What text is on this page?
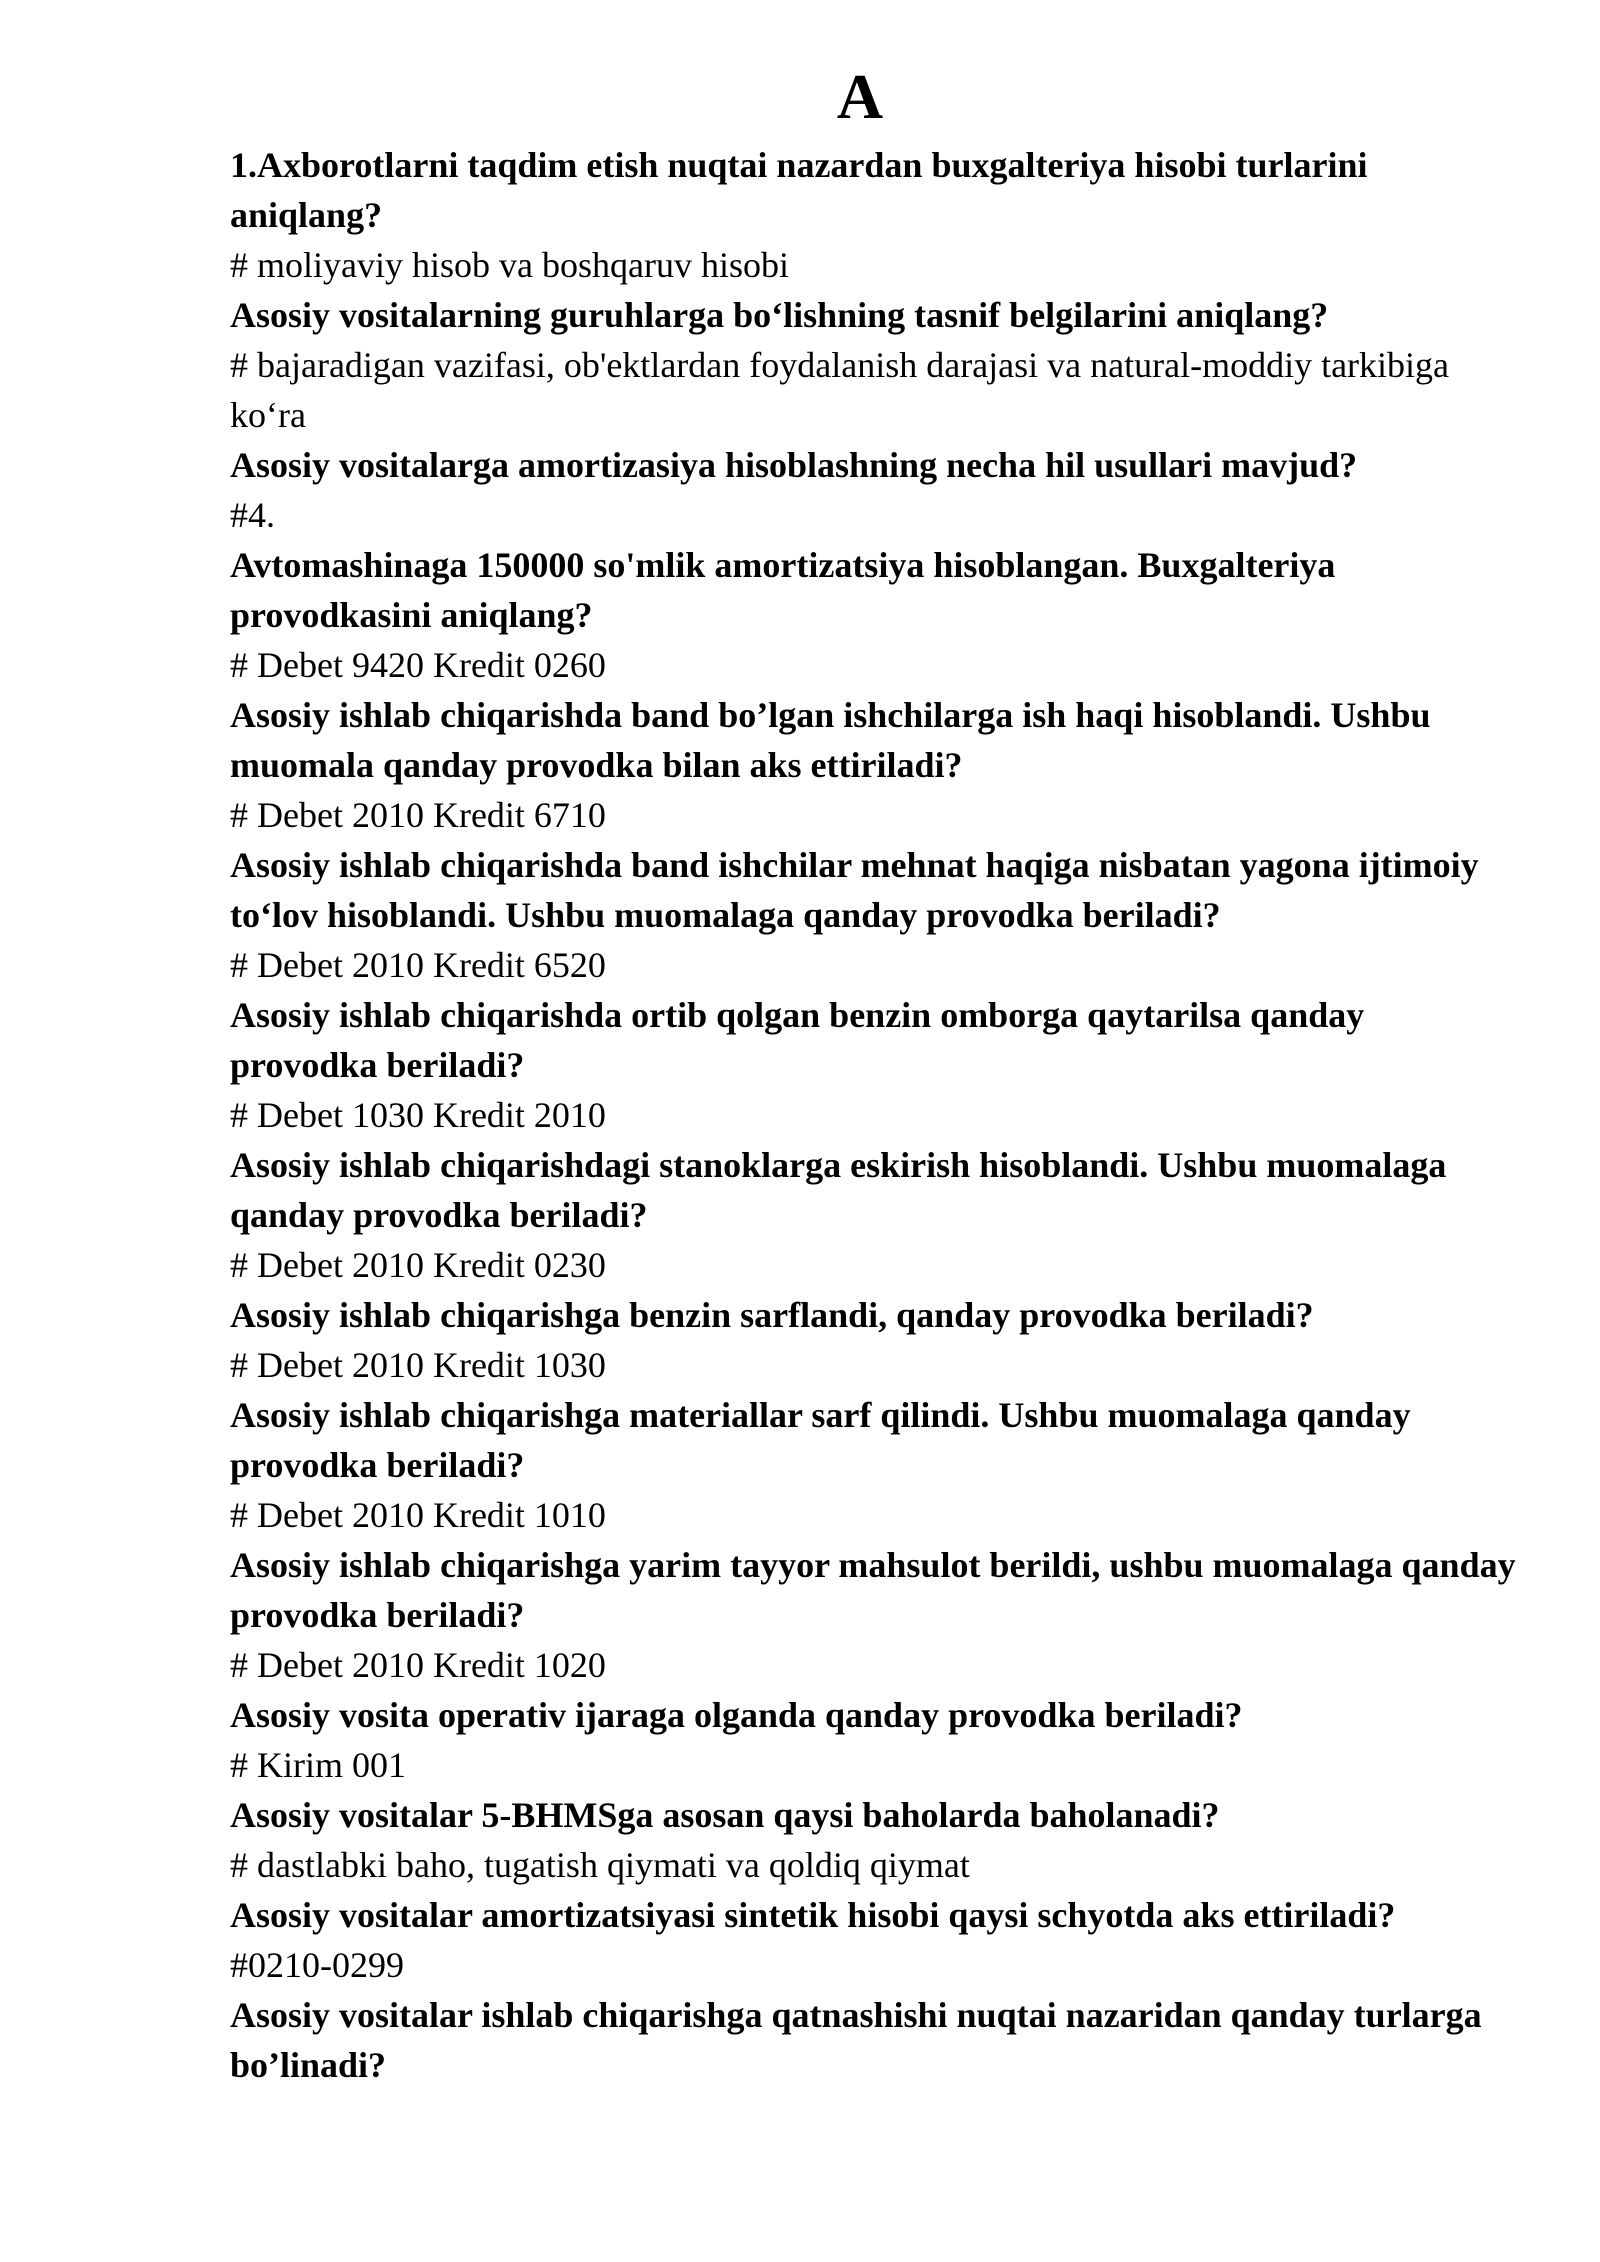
A

1.Axborotlarni taqdim etish nuqtai nazardan buxgalteriya hisobi turlarini aniqlang?

# moliyaviy hisob va boshqaruv hisobi

Asosiy vositalarning guruhlarga bo‘lishning tasnif belgilarini aniqlang?

# bajaradigan vazifasi, ob'ektlardan foydalanish darajasi va natural-moddiy tarkibiga ko‘ra

Asosiy vositalarga amortizasiya hisoblashning necha hil usullari mavjud?

#4.

Avtomashinaga 150000 so'mlik amortizatsiya hisoblangan. Buxgalteriya provodkasini aniqlang?

# Debet 9420 Kredit 0260

Asosiy ishlab chiqarishda band bo’lgan ishchilarga ish haqi hisoblandi. Ushbu muomala qanday provodka bilan aks ettiriladi?

# Debet 2010 Kredit 6710

Asosiy ishlab chiqarishda band ishchilar mehnat haqiga nisbatan yagona ijtimoiy to‘lov hisoblandi. Ushbu muomalaga qanday provodka beriladi?

# Debet 2010 Kredit 6520

Asosiy ishlab chiqarishda ortib qolgan benzin omborga qaytarilsa qanday provodka beriladi?

# Debet 1030 Kredit 2010

Asosiy ishlab chiqarishdagi stanoklarga eskirish hisoblandi. Ushbu muomalaga qanday provodka beriladi?

# Debet 2010 Kredit 0230

Asosiy ishlab chiqarishga benzin sarflandi, qanday provodka beriladi?

# Debet 2010 Kredit 1030

Asosiy ishlab chiqarishga materiallar sarf qilindi. Ushbu muomalaga qanday provodka beriladi?

# Debet 2010 Kredit 1010

Asosiy ishlab chiqarishga yarim tayyor mahsulot berildi, ushbu muomalaga qanday provodka beriladi?

# Debet 2010 Kredit 1020

Asosiy vosita operativ ijaraga olganda qanday provodka beriladi?

# Kirim 001

Asosiy vositalar 5-BHMSga asosan qaysi baholarda baholanadi?

# dastlabki baho, tugatish qiymati va qoldiq qiymat

Asosiy vositalar amortizatsiyasi sintetik hisobi qaysi schyotda aks ettiriladi?

#0210-0299

Asosiy vositalar ishlab chiqarishga qatnashishi nuqtai nazaridan qanday turlarga bo’linadi?
